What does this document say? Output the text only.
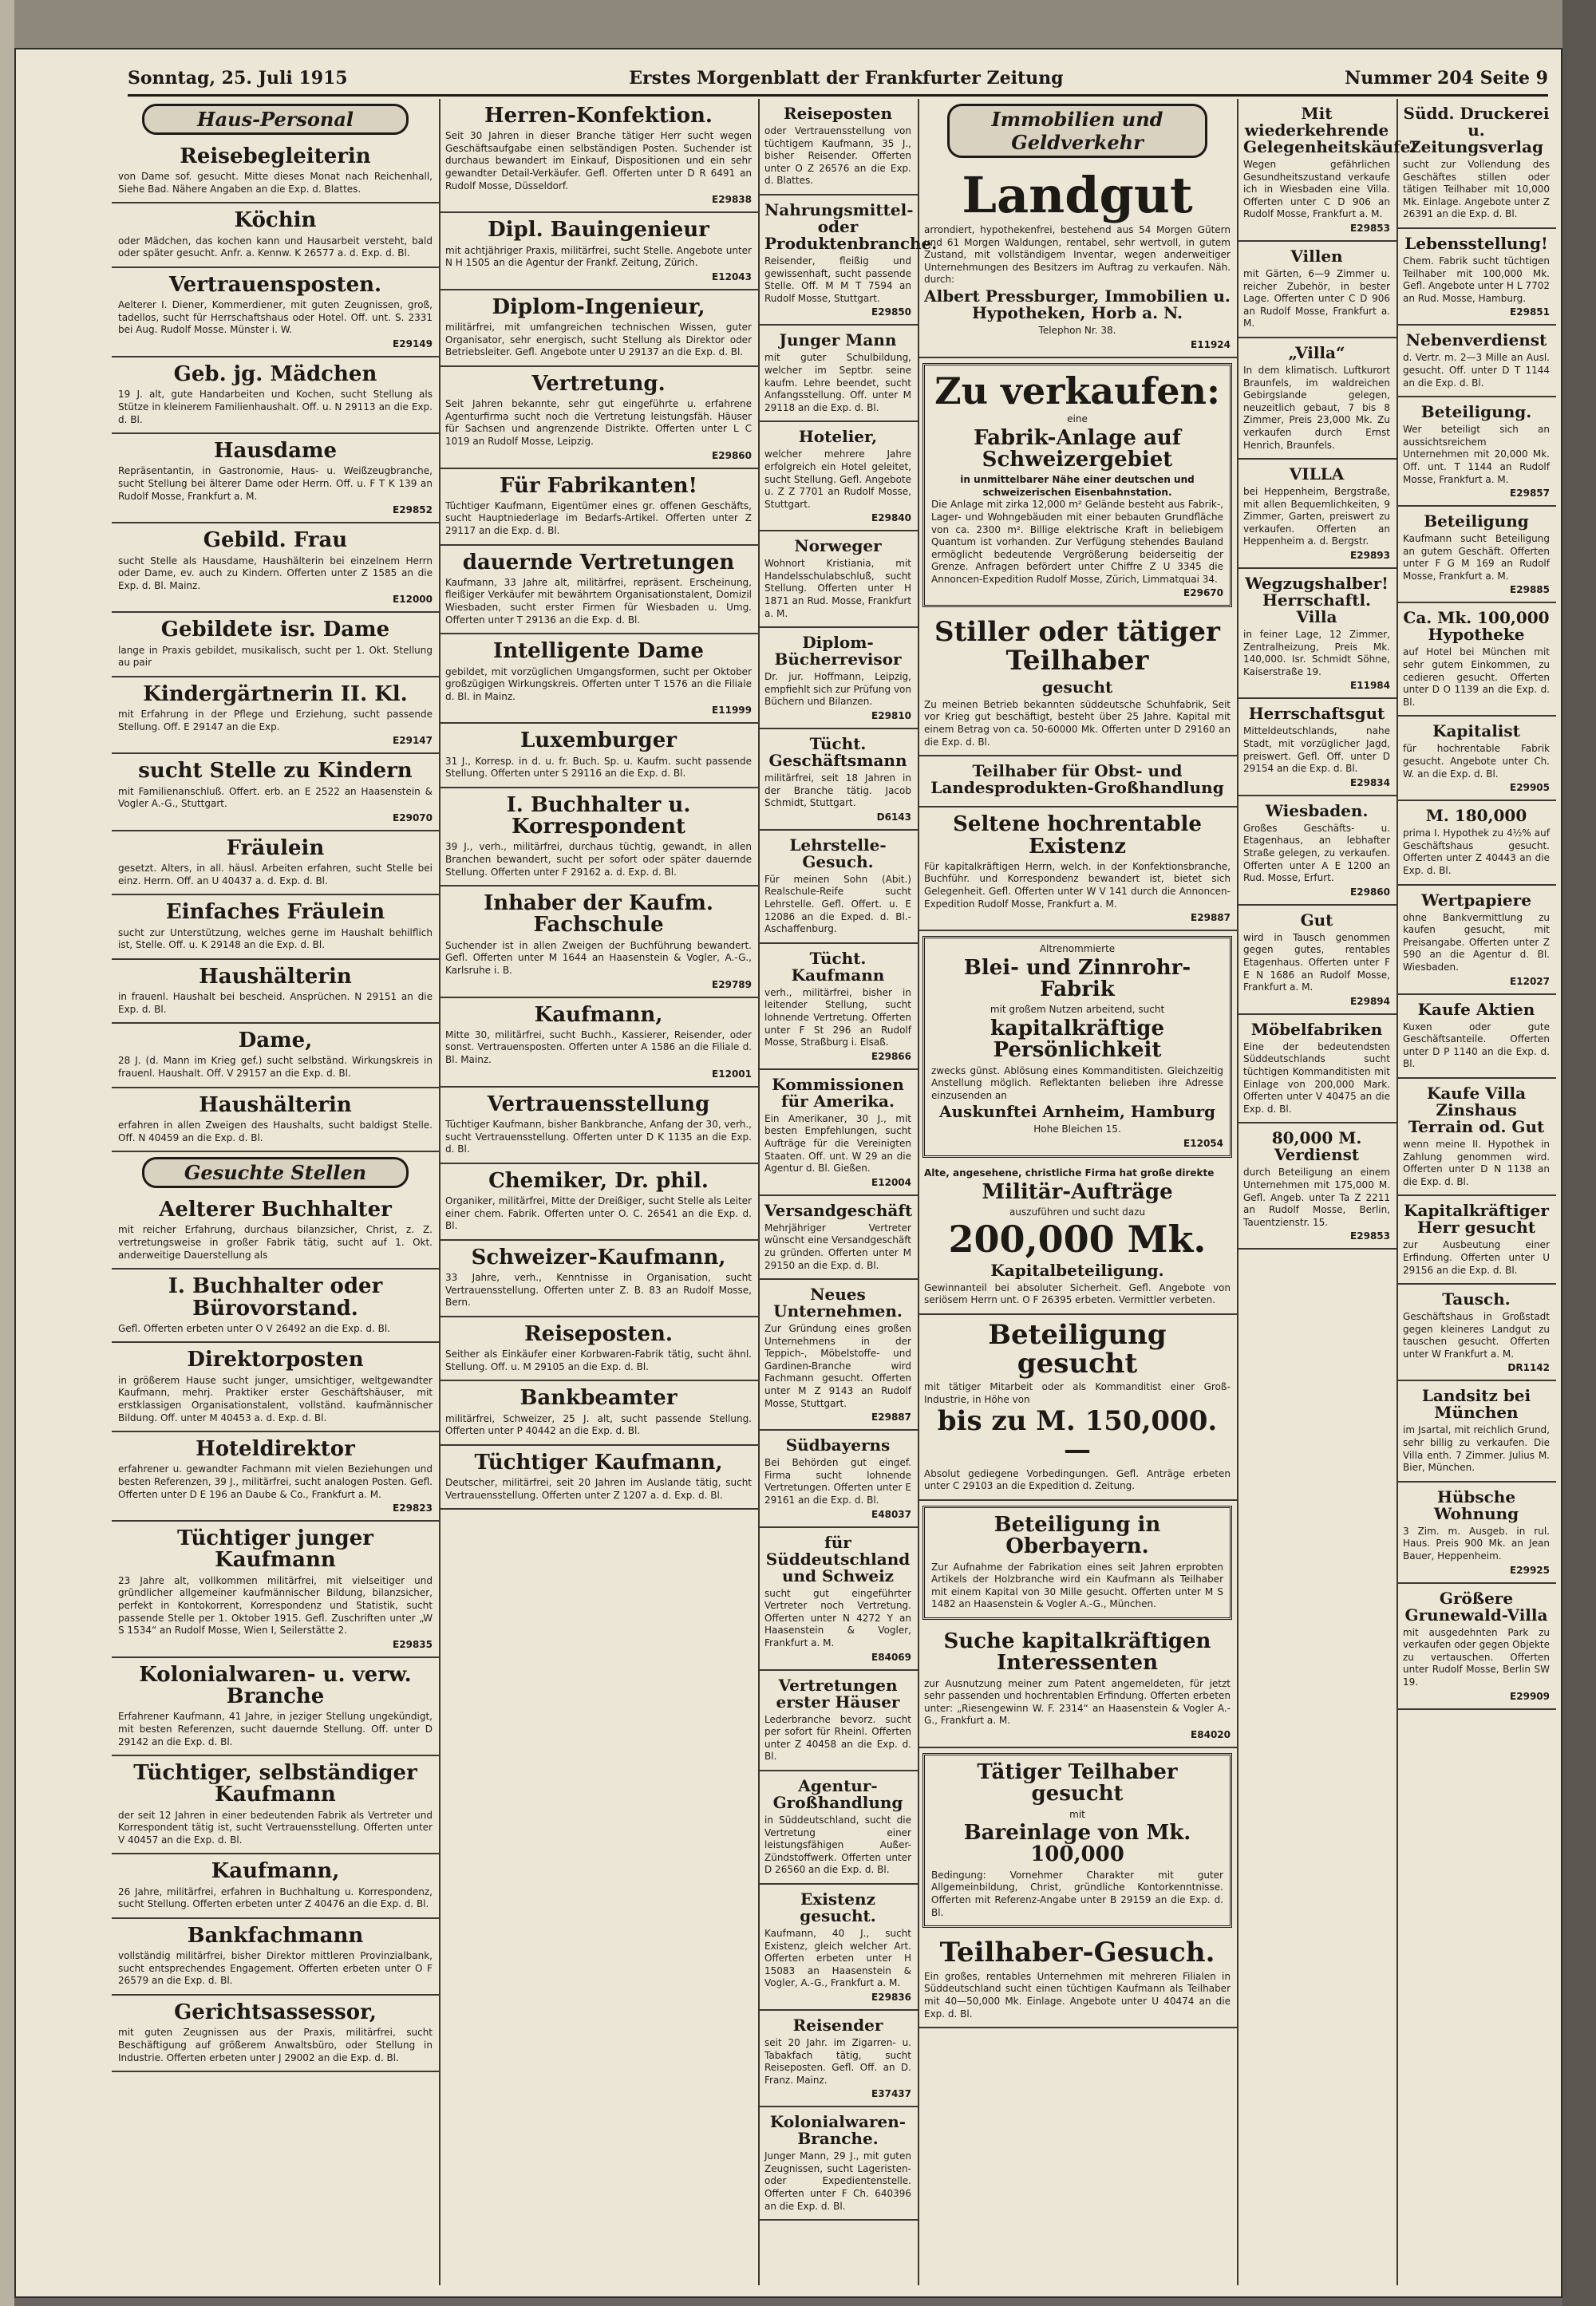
Sonntag, 25. Juli 1915	Erstes Morgenblatt der Frankfurter Zeitung	Nummer 204 Seite 9
Haus-Personal
Reisebegleiterin
von Dame sof. gesucht. Mitte dieses Monat nach Reichenhall, Siehe Bad. Nähere Angaben an die Exp. d. Blattes.
Köchin
oder Mädchen, das kochen kann und Hausarbeit versteht, bald oder später gesucht. Anfr. a. Kennw. K 26577 a. d. Exp. d. Bl.
Vertrauensposten.
Aelterer I. Diener, Kommerdiener, mit guten Zeugnissen, groß, tadellos, sucht für Herrschaftshaus oder Hotel. Off. unt. S. 2331 bei Aug. Rudolf Mosse. Münster i. W.
E29149
Geb. jg. Mädchen
19 J. alt, gute Handarbeiten und Kochen, sucht Stellung als Stütze in kleinerem Familienhaushalt. Off. u. N 29113 an die Exp. d. Bl.
Hausdame
Repräsentantin, in Gastronomie, Haus- u. Weißzeugbranche, sucht Stellung bei älterer Dame oder Herrn. Off. u. F T K 139 an Rudolf Mosse, Frankfurt a. M.
E29852
Gebild. Frau
sucht Stelle als Hausdame, Haushälterin bei einzelnem Herrn oder Dame, ev. auch zu Kindern. Offerten unter Z 1585 an die Exp. d. Bl. Mainz.
E12000
Gebildete isr. Dame
lange in Praxis gebildet, musikalisch, sucht per 1. Okt. Stellung au pair
Kindergärtnerin II. Kl.
mit Erfahrung in der Pflege und Erziehung, sucht passende Stellung. Off. E 29147 an die Exp.
E29147
sucht Stelle zu Kindern
mit Familienanschluß. Offert. erb. an E 2522 an Haasenstein & Vogler A.-G., Stuttgart.
E29070
Fräulein
gesetzt. Alters, in all. häusl. Arbeiten erfahren, sucht Stelle bei einz. Herrn. Off. an U 40437 a. d. Exp. d. Bl.
Einfaches Fräulein
sucht zur Unterstützung, welches gerne im Haushalt behilflich ist, Stelle. Off. u. K 29148 an die Exp. d. Bl.
Haushälterin
in frauenl. Haushalt bei bescheid. Ansprüchen. N 29151 an die Exp. d. Bl.
Dame,
28 J. (d. Mann im Krieg gef.) sucht selbständ. Wirkungskreis in frauenl. Haushalt. Off. V 29157 an die Exp. d. Bl.
Haushälterin
erfahren in allen Zweigen des Haushalts, sucht baldigst Stelle. Off. N 40459 an die Exp. d. Bl.
Gesuchte Stellen
Aelterer Buchhalter
mit reicher Erfahrung, durchaus bilanzsicher, Christ, z. Z. vertretungsweise in großer Fabrik tätig, sucht auf 1. Okt. anderweitige Dauerstellung als
I. Buchhalter oder Bürovorstand.
Gefl. Offerten erbeten unter O V 26492 an die Exp. d. Bl.
Direktorposten
in größerem Hause sucht junger, umsichtiger, weltgewandter Kaufmann, mehrj. Praktiker erster Geschäftshäuser, mit erstklassigen Organisationstalent, vollständ. kaufmännischer Bildung. Off. unter M 40453 a. d. Exp. d. Bl.
Hoteldirektor
erfahrener u. gewandter Fachmann mit vielen Beziehungen und besten Referenzen, 39 J., militärfrei, sucht analogen Posten. Gefl. Offerten unter D E 196 an Daube & Co., Frankfurt a. M.
E29823
Tüchtiger junger Kaufmann
23 Jahre alt, vollkommen militärfrei, mit vielseitiger und gründlicher allgemeiner kaufmännischer Bildung, bilanzsicher, perfekt in Kontokorrent, Korrespondenz und Statistik, sucht passende Stelle per 1. Oktober 1915. Gefl. Zuschriften unter „W S 1534“ an Rudolf Mosse, Wien I, Seilerstätte 2.
E29835
Kolonialwaren- u. verw. Branche
Erfahrener Kaufmann, 41 Jahre, in jeziger Stellung ungekündigt, mit besten Referenzen, sucht dauernde Stellung. Off. unter D 29142 an die Exp. d. Bl.
Tüchtiger, selbständiger Kaufmann
der seit 12 Jahren in einer bedeutenden Fabrik als Vertreter und Korrespondent tätig ist, sucht Vertrauensstellung. Offerten unter V 40457 an die Exp. d. Bl.
Kaufmann,
26 Jahre, militärfrei, erfahren in Buchhaltung u. Korrespondenz, sucht Stellung. Offerten erbeten unter Z 40476 an die Exp. d. Bl.
Bankfachmann
vollständig militärfrei, bisher Direktor mittleren Provinzialbank, sucht entsprechendes Engagement. Offerten erbeten unter O F 26579 an die Exp. d. Bl.
Gerichtsassessor,
mit guten Zeugnissen aus der Praxis, militärfrei, sucht Beschäftigung auf größerem Anwaltsbüro, oder Stellung in Industrie. Offerten erbeten unter J 29002 an die Exp. d. Bl.
Herren-Konfektion.
Seit 30 Jahren in dieser Branche tätiger Herr sucht wegen Geschäftsaufgabe einen selbständigen Posten. Suchender ist durchaus bewandert im Einkauf, Dispositionen und ein sehr gewandter Detail-Verkäufer. Gefl. Offerten unter D R 6491 an Rudolf Mosse, Düsseldorf.
E29838
Dipl. Bauingenieur
mit achtjähriger Praxis, militärfrei, sucht Stelle. Angebote unter N H 1505 an die Agentur der Frankf. Zeitung, Zürich.
E12043
Diplom-Ingenieur,
militärfrei, mit umfangreichen technischen Wissen, guter Organisator, sehr energisch, sucht Stellung als Direktor oder Betriebsleiter. Gefl. Angebote unter U 29137 an die Exp. d. Bl.
Vertretung.
Seit Jahren bekannte, sehr gut eingeführte u. erfahrene Agenturfirma sucht noch die Vertretung leistungsfäh. Häuser für Sachsen und angrenzende Distrikte. Offerten unter L C 1019 an Rudolf Mosse, Leipzig.
E29860
Für Fabrikanten!
Tüchtiger Kaufmann, Eigentümer eines gr. offenen Geschäfts, sucht Hauptniederlage im Bedarfs-Artikel. Offerten unter Z 29117 an die Exp. d. Bl.
dauernde Vertretungen
Kaufmann, 33 Jahre alt, militärfrei, repräsent. Erscheinung, fleißiger Verkäufer mit bewährtem Organisationstalent, Domizil Wiesbaden, sucht erster Firmen für Wiesbaden u. Umg. Offerten unter T 29136 an die Exp. d. Bl.
Intelligente Dame
gebildet, mit vorzüglichen Umgangsformen, sucht per Oktober großzügigen Wirkungskreis. Offerten unter T 1576 an die Filiale d. Bl. in Mainz.
E11999
Luxemburger
31 J., Korresp. in d. u. fr. Buch. Sp. u. Kaufm. sucht passende Stellung. Offerten unter S 29116 an die Exp. d. Bl.
I. Buchhalter u. Korrespondent
39 J., verh., militärfrei, durchaus tüchtig, gewandt, in allen Branchen bewandert, sucht per sofort oder später dauernde Stellung. Offerten unter F 29162 a. d. Exp. d. Bl.
Inhaber der Kaufm. Fachschule
Suchender ist in allen Zweigen der Buchführung bewandert. Gefl. Offerten unter M 1644 an Haasenstein & Vogler, A.-G., Karlsruhe i. B.
E29789
Kaufmann,
Mitte 30, militärfrei, sucht Buchh., Kassierer, Reisender, oder sonst. Vertrauensposten. Offerten unter A 1586 an die Filiale d. Bl. Mainz.
E12001
Vertrauensstellung
Tüchtiger Kaufmann, bisher Bankbranche, Anfang der 30, verh., sucht Vertrauensstellung. Offerten unter D K 1135 an die Exp. d. Bl.
Chemiker, Dr. phil.
Organiker, militärfrei, Mitte der Dreißiger, sucht Stelle als Leiter einer chem. Fabrik. Offerten unter O. C. 26541 an die Exp. d. Bl.
Schweizer-Kaufmann,
33 Jahre, verh., Kenntnisse in Organisation, sucht Vertrauensstellung. Offerten unter Z. B. 83 an Rudolf Mosse, Bern.
Reiseposten.
Seither als Einkäufer einer Korbwaren-Fabrik tätig, sucht ähnl. Stellung. Off. u. M 29105 an die Exp. d. Bl.
Bankbeamter
militärfrei, Schweizer, 25 J. alt, sucht passende Stellung. Offerten unter P 40442 an die Exp. d. Bl.
Tüchtiger Kaufmann,
Deutscher, militärfrei, seit 20 Jahren im Auslande tätig, sucht Vertrauensstellung. Offerten unter Z 1207 a. d. Exp. d. Bl.
Reiseposten
oder Vertrauensstellung von tüchtigem Kaufmann, 35 J., bisher Reisender. Offerten unter O Z 26576 an die Exp. d. Blattes.
Nahrungsmittel- oder Produktenbranche.
Reisender, fleißig und gewissenhaft, sucht passende Stelle. Off. M M T 7594 an Rudolf Mosse, Stuttgart.
E29850
Junger Mann
mit guter Schulbildung, welcher im Septbr. seine kaufm. Lehre beendet, sucht Anfangsstellung. Off. unter M 29118 an die Exp. d. Bl.
Hotelier,
welcher mehrere Jahre erfolgreich ein Hotel geleitet, sucht Stellung. Gefl. Angebote u. Z Z 7701 an Rudolf Mosse, Stuttgart.
E29840
Norweger
Wohnort Kristiania, mit Handelsschulabschluß, sucht Stellung. Offerten unter H 1871 an Rud. Mosse, Frankfurt a. M.
Diplom-Bücherrevisor
Dr. jur. Hoffmann, Leipzig, empfiehlt sich zur Prüfung von Büchern und Bilanzen.
E29810
Tücht. Geschäftsmann
militärfrei, seit 18 Jahren in der Branche tätig. Jacob Schmidt, Stuttgart.
D6143
Lehrstelle-Gesuch.
Für meinen Sohn (Abit.) Realschule-Reife sucht Lehrstelle. Gefl. Offert. u. E 12086 an die Exped. d. Bl.-Aschaffenburg.
Tücht. Kaufmann
verh., militärfrei, bisher in leitender Stellung, sucht lohnende Vertretung. Offerten unter F St 296 an Rudolf Mosse, Straßburg i. Elsaß.
E29866
Kommissionen für Amerika.
Ein Amerikaner, 30 J., mit besten Empfehlungen, sucht Aufträge für die Vereinigten Staaten. Off. unt. W 29 an die Agentur d. Bl. Gießen.
E12004
Versandgeschäft
Mehrjähriger Vertreter wünscht eine Versandgeschäft zu gründen. Offerten unter M 29150 an die Exp. d. Bl.
Neues Unternehmen.
Zur Gründung eines großen Unternehmens in der Teppich-, Möbelstoffe- und Gardinen-Branche wird Fachmann gesucht. Offerten unter M Z 9143 an Rudolf Mosse, Stuttgart.
E29887
Südbayerns
Bei Behörden gut eingef. Firma sucht lohnende Vertretungen. Offerten unter E 29161 an die Exp. d. Bl.
E48037
für Süddeutschland und Schweiz
sucht gut eingeführter Vertreter noch Vertretung. Offerten unter N 4272 Y an Haasenstein & Vogler, Frankfurt a. M.
E84069
Vertretungen erster Häuser
Lederbranche bevorz. sucht per sofort für Rheinl. Offerten unter Z 40458 an die Exp. d. Bl.
Agentur-Großhandlung
in Süddeutschland, sucht die Vertretung einer leistungsfähigen Außer-Zündstoffwerk. Offerten unter D 26560 an die Exp. d. Bl.
Existenz gesucht.
Kaufmann, 40 J., sucht Existenz, gleich welcher Art. Offerten erbeten unter H 15083 an Haasenstein & Vogler, A.-G., Frankfurt a. M.
E29836
Reisender
seit 20 Jahr. im Zigarren- u. Tabakfach tätig, sucht Reiseposten. Gefl. Off. an D. Franz. Mainz.
E37437
Kolonialwaren-Branche.
Junger Mann, 29 J., mit guten Zeugnissen, sucht Lageristen- oder Expedientenstelle. Offerten unter F Ch. 640396 an die Exp. d. Bl.
Immobilien und Geldverkehr
Landgut
arrondiert, hypothekenfrei, bestehend aus 54 Morgen Gütern und 61 Morgen Waldungen, rentabel, sehr wertvoll, in gutem Zustand, mit vollständigem Inventar, wegen anderweitiger Unternehmungen des Besitzers im Auftrag zu verkaufen. Näh. durch:
Albert Pressburger, Immobilien u. Hypotheken, Horb a. N.
Telephon Nr. 38.
E11924
Zu verkaufen:
eine
Fabrik-Anlage auf Schweizergebiet
in unmittelbarer Nähe einer deutschen und schweizerischen Eisenbahnstation.
Die Anlage mit zirka 12,000 m² Gelände besteht aus Fabrik-, Lager- und Wohngebäuden mit einer bebauten Grundfläche von ca. 2300 m². Billige elektrische Kraft in beliebigem Quantum ist vorhanden. Zur Verfügung stehendes Bauland ermöglicht bedeutende Vergrößerung beiderseitig der Grenze. Anfragen befördert unter Chiffre Z U 3345 die Annoncen-Expedition Rudolf Mosse, Zürich, Limmatquai 34.
E29670
Stiller oder tätiger Teilhaber
gesucht
Zu meinen Betrieb bekannten süddeutsche Schuhfabrik, Seit vor Krieg gut beschäftigt, besteht über 25 Jahre. Kapital mit einem Betrag von ca. 50-60000 Mk. Offerten unter D 29160 an die Exp. d. Bl.
Teilhaber für Obst- und Landesprodukten-Großhandlung
Seltene hochrentable Existenz
Für kapitalkräftigen Herrn, welch. in der Konfektionsbranche, Buchführ. und Korrespondenz bewandert ist, bietet sich Gelegenheit. Gefl. Offerten unter W V 141 durch die Annoncen-Expedition Rudolf Mosse, Frankfurt a. M.
E29887
Altrenommierte
Blei- und Zinnrohr-Fabrik
mit großem Nutzen arbeitend, sucht
kapitalkräftige Persönlichkeit
zwecks günst. Ablösung eines Kommanditisten. Gleichzeitig Anstellung möglich. Reflektanten belieben ihre Adresse einzusenden an
Auskunftei Arnheim, Hamburg
Hohe Bleichen 15.
E12054
Alte, angesehene, christliche Firma hat große direkte
Militär-Aufträge
auszuführen und sucht dazu
200,000 Mk.
Kapitalbeteiligung.
Gewinnanteil bei absoluter Sicherheit. Gefl. Angebote von seriösem Herrn unt. O F 26395 erbeten. Vermittler verbeten.
Beteiligung gesucht
mit tätiger Mitarbeit oder als Kommanditist einer Groß-Industrie, in Höhe von
bis zu M. 150,000.—
Absolut gediegene Vorbedingungen. Gefl. Anträge erbeten unter C 29103 an die Expedition d. Zeitung.
Beteiligung in Oberbayern.
Zur Aufnahme der Fabrikation eines seit Jahren erprobten Artikels der Holzbranche wird ein Kaufmann als Teilhaber mit einem Kapital von 30 Mille gesucht. Offerten unter M S 1482 an Haasenstein & Vogler A.-G., München.
Suche kapitalkräftigen Interessenten
zur Ausnutzung meiner zum Patent angemeldeten, für jetzt sehr passenden und hochrentablen Erfindung. Offerten erbeten unter: „Riesengewinn W. F. 2314“ an Haasenstein & Vogler A.-G., Frankfurt a. M.
E84020
Tätiger Teilhaber gesucht
mit
Bareinlage von Mk. 100,000
Bedingung: Vornehmer Charakter mit guter Allgemeinbildung, Christ, gründliche Kontorkenntnisse. Offerten mit Referenz-Angabe unter B 29159 an die Exp. d. Bl.
Teilhaber-Gesuch.
Ein großes, rentables Unternehmen mit mehreren Filialen in Süddeutschland sucht einen tüchtigen Kaufmann als Teilhaber mit 40—50,000 Mk. Einlage. Angebote unter U 40474 an die Exp. d. Bl.
Mit wiederkehrende Gelegenheitskäufe!
Wegen gefährlichen Gesundheitszustand verkaufe ich in Wiesbaden eine Villa. Offerten unter C D 906 an Rudolf Mosse, Frankfurt a. M.
E29853
Villen
mit Gärten, 6—9 Zimmer u. reicher Zubehör, in bester Lage. Offerten unter C D 906 an Rudolf Mosse, Frankfurt a. M.
„Villa“
In dem klimatisch. Luftkurort Braunfels, im waldreichen Gebirgslande gelegen, neuzeitlich gebaut, 7 bis 8 Zimmer, Preis 23,000 Mk. Zu verkaufen durch Ernst Henrich, Braunfels.
VILLA
bei Heppenheim, Bergstraße, mit allen Bequemlichkeiten, 9 Zimmer, Garten, preiswert zu verkaufen. Offerten an Heppenheim a. d. Bergstr.
E29893
Wegzugshalber! Herrschaftl. Villa
in feiner Lage, 12 Zimmer, Zentralheizung, Preis Mk. 140,000. Isr. Schmidt Söhne, Kaiserstraße 19.
E11984
Herrschaftsgut
Mitteldeutschlands, nahe Stadt, mit vorzüglicher Jagd, preiswert. Gefl. Off. unter D 29154 an die Exp. d. Bl.
E29834
Wiesbaden.
Großes Geschäfts- u. Etagenhaus, an lebhafter Straße gelegen, zu verkaufen. Offerten unter A E 1200 an Rud. Mosse, Erfurt.
E29860
Gut
wird in Tausch genommen gegen gutes, rentables Etagenhaus. Offerten unter F E N 1686 an Rudolf Mosse, Frankfurt a. M.
E29894
Möbelfabriken
Eine der bedeutendsten Süddeutschlands sucht tüchtigen Kommanditisten mit Einlage von 200,000 Mark. Offerten unter V 40475 an die Exp. d. Bl.
80,000 M. Verdienst
durch Beteiligung an einem Unternehmen mit 175,000 M. Gefl. Angeb. unter Ta Z 2211 an Rudolf Mosse, Berlin, Tauentzienstr. 15.
E29853
Südd. Druckerei u. Zeitungsverlag
sucht zur Vollendung des Geschäftes stillen oder tätigen Teilhaber mit 10,000 Mk. Einlage. Angebote unter Z 26391 an die Exp. d. Bl.
Lebensstellung!
Chem. Fabrik sucht tüchtigen Teilhaber mit 100,000 Mk. Gefl. Angebote unter H L 7702 an Rud. Mosse, Hamburg.
E29851
Nebenverdienst
d. Vertr. m. 2—3 Mille an Ausl. gesucht. Off. unter D T 1144 an die Exp. d. Bl.
Beteiligung.
Wer beteiligt sich an aussichtsreichem Unternehmen mit 20,000 Mk. Off. unt. T 1144 an Rudolf Mosse, Frankfurt a. M.
E29857
Beteiligung
Kaufmann sucht Beteiligung an gutem Geschäft. Offerten unter F G M 169 an Rudolf Mosse, Frankfurt a. M.
E29885
Ca. Mk. 100,000 Hypotheke
auf Hotel bei München mit sehr gutem Einkommen, zu cedieren gesucht. Offerten unter D O 1139 an die Exp. d. Bl.
Kapitalist
für hochrentable Fabrik gesucht. Angebote unter Ch. W. an die Exp. d. Bl.
E29905
M. 180,000
prima I. Hypothek zu 4½% auf Geschäftshaus gesucht. Offerten unter Z 40443 an die Exp. d. Bl.
Wertpapiere
ohne Bankvermittlung zu kaufen gesucht, mit Preisangabe. Offerten unter Z 590 an die Agentur d. Bl. Wiesbaden.
E12027
Kaufe Aktien
Kuxen oder gute Geschäftsanteile. Offerten unter D P 1140 an die Exp. d. Bl.
Kaufe Villa Zinshaus Terrain od. Gut
wenn meine II. Hypothek in Zahlung genommen wird. Offerten unter D N 1138 an die Exp. d. Bl.
Kapitalkräftiger Herr gesucht
zur Ausbeutung einer Erfindung. Offerten unter U 29156 an die Exp. d. Bl.
Tausch.
Geschäftshaus in Großstadt gegen kleineres Landgut zu tauschen gesucht. Offerten unter W Frankfurt a. M.
DR1142
Landsitz bei München
im Jsartal, mit reichlich Grund, sehr billig zu verkaufen. Die Villa enth. 7 Zimmer. Julius M. Bier, München.
Hübsche Wohnung
3 Zim. m. Ausgeb. in rul. Haus. Preis 900 Mk. an Jean Bauer, Heppenheim.
E29925
Größere Grunewald-Villa
mit ausgedehnten Park zu verkaufen oder gegen Objekte zu vertauschen. Offerten unter Rudolf Mosse, Berlin SW 19.
E29909
